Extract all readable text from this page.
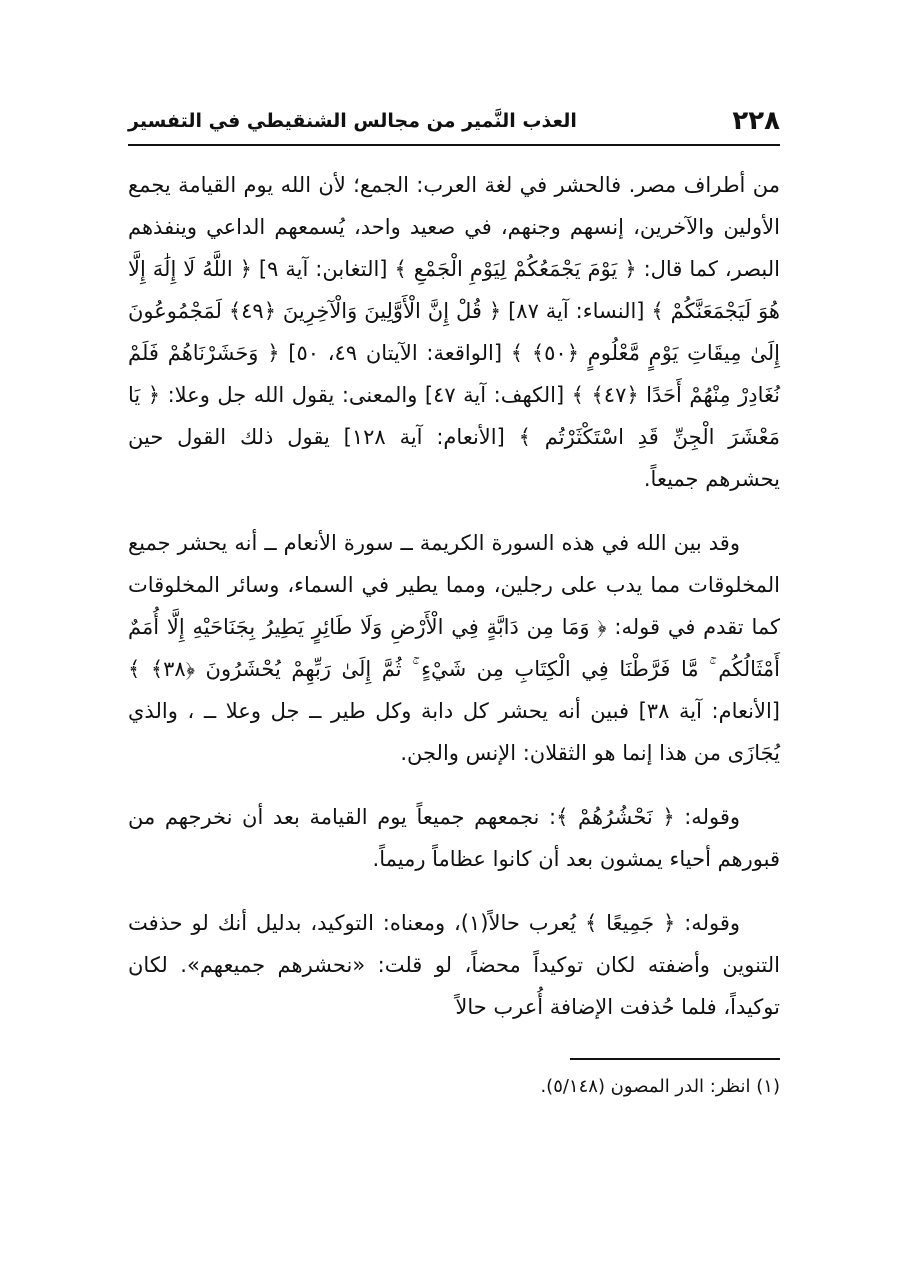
٢٢٨
العذب النَّمير من مجالس الشنقيطي في التفسير

من أطراف مصر. فالحشر في لغة العرب: الجمع؛ لأن الله يوم القيامة يجمع الأولين والآخرين، إنسهم وجنهم، في صعيد واحد، يُسمعهم الداعي وينفذهم البصر، كما قال: ﴿ يَوْمَ يَجْمَعُكُمْ لِيَوْمِ الْجَمْعِ ﴾ [التغابن: آية ٩] ﴿ اللَّهُ لَا إِلَٰهَ إِلَّا هُوَ لَيَجْمَعَنَّكُمْ ﴾ [النساء: آية ٨٧] ﴿ قُلْ إِنَّ الْأَوَّلِينَ وَالْآخِرِينَ ﴿٤٩﴾ لَمَجْمُوعُونَ إِلَىٰ مِيقَاتِ يَوْمٍ مَّعْلُومٍ ﴿٥٠﴾ ﴾ [الواقعة: الآيتان ٤٩، ٥٠] ﴿ وَحَشَرْنَاهُمْ فَلَمْ نُغَادِرْ مِنْهُمْ أَحَدًا ﴿٤٧﴾ ﴾ [الكهف: آية ٤٧] والمعنى: يقول الله جل وعلا: ﴿ يَا مَعْشَرَ الْجِنِّ قَدِ اسْتَكْثَرْتُم ﴾ [الأنعام: آية ١٢٨] يقول ذلك القول حين يحشرهم جميعاً.

وقد بين الله في هذه السورة الكريمة ــ سورة الأنعام ــ أنه يحشر جميع المخلوقات مما يدب على رجلين، ومما يطير في السماء، وسائر المخلوقات كما تقدم في قوله: ﴿ وَمَا مِن دَابَّةٍ فِي الْأَرْضِ وَلَا طَائِرٍ يَطِيرُ بِجَنَاحَيْهِ إِلَّا أُمَمٌ أَمْثَالُكُم ۚ مَّا فَرَّطْنَا فِي الْكِتَابِ مِن شَيْءٍ ۚ ثُمَّ إِلَىٰ رَبِّهِمْ يُحْشَرُونَ ﴿٣٨﴾ ﴾ [الأنعام: آية ٣٨] فبين أنه يحشر كل دابة وكل طير ــ جل وعلا ــ ، والذي يُجَازَى من هذا إنما هو الثقلان: الإنس والجن.

وقوله: ﴿ نَحْشُرُهُمْ ﴾: نجمعهم جميعاً يوم القيامة بعد أن نخرجهم من قبورهم أحياء يمشون بعد أن كانوا عظاماً رميماً.

وقوله: ﴿ جَمِيعًا ﴾ يُعرب حالاً(١)، ومعناه: التوكيد، بدليل أنك لو حذفت التنوين وأضفته لكان توكيداً محضاً، لو قلت: «نحشرهم جميعهم». لكان توكيداً، فلما حُذفت الإضافة أُعرب حالاً

(١) انظر: الدر المصون (٥/١٤٨).
